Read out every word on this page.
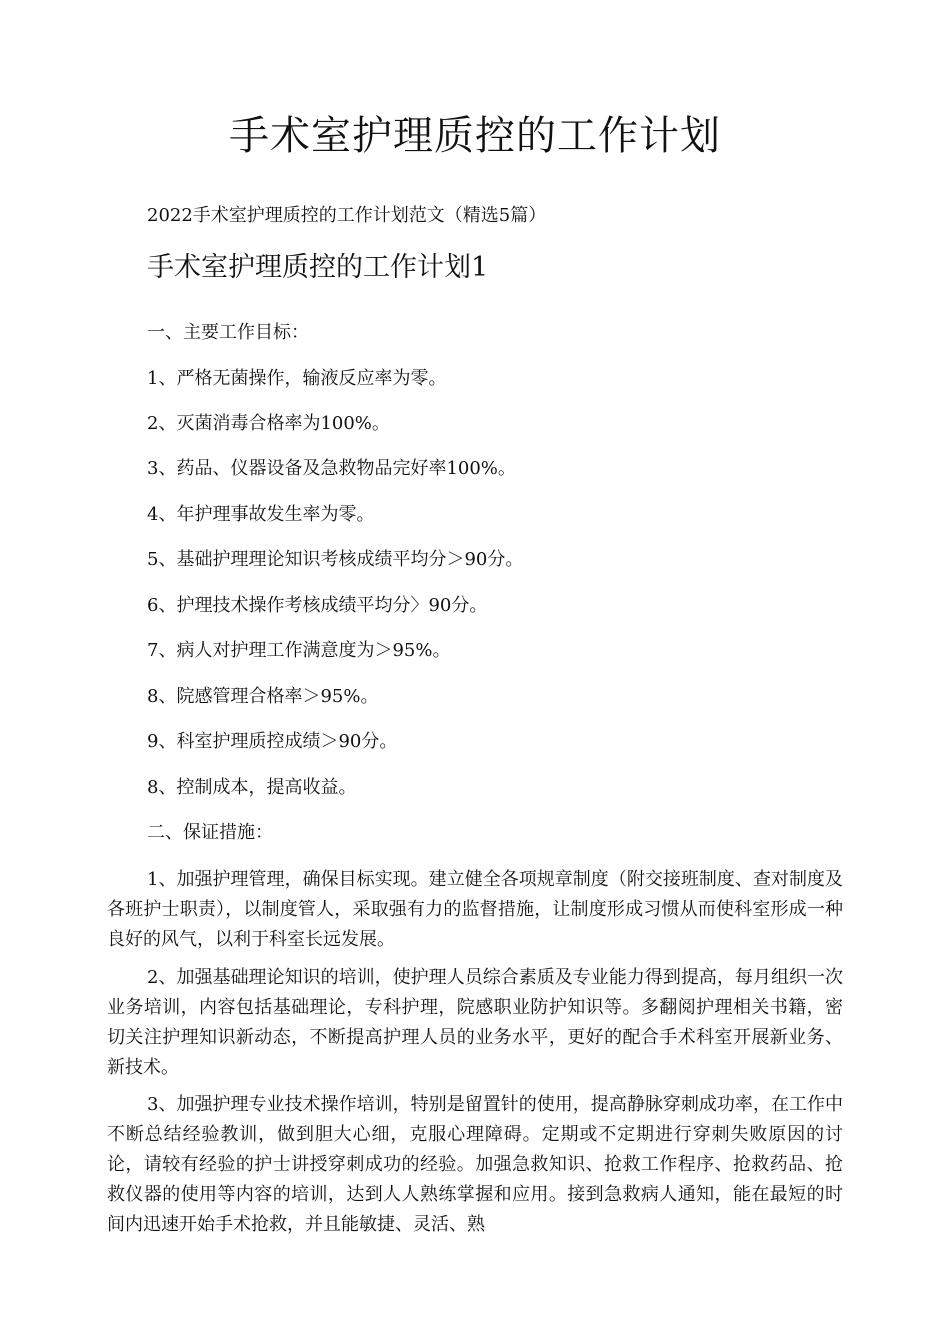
手术室护理质控的工作计划

2022手术室护理质控的工作计划范文（精选5篇）

手术室护理质控的工作计划1

一、主要工作目标：

1、严格无菌操作，输液反应率为零。

2、灭菌消毒合格率为100%。

3、药品、仪器设备及急救物品完好率100%。

4、年护理事故发生率为零。

5、基础护理理论知识考核成绩平均分＞90分。

6、护理技术操作考核成绩平均分〉90分。

7、病人对护理工作满意度为＞95%。

8、院感管理合格率＞95%。

9、科室护理质控成绩＞90分。

8、控制成本，提高收益。

二、保证措施：

1、加强护理管理，确保目标实现。建立健全各项规章制度（附交接班制度、查对制度及各班护士职责），以制度管人，采取强有力的监督措施，让制度形成习惯从而使科室形成一种良好的风气，以利于科室长远发展。

2、加强基础理论知识的培训，使护理人员综合素质及专业能力得到提高，每月组织一次业务培训，内容包括基础理论，专科护理，院感职业防护知识等。多翻阅护理相关书籍，密切关注护理知识新动态，不断提高护理人员的业务水平，更好的配合手术科室开展新业务、新技术。

3、加强护理专业技术操作培训，特别是留置针的使用，提高静脉穿刺成功率，在工作中不断总结经验教训，做到胆大心细，克服心理障碍。定期或不定期进行穿刺失败原因的讨论，请较有经验的护士讲授穿刺成功的经验。加强急救知识、抢救工作程序、抢救药品、抢救仪器的使用等内容的培训，达到人人熟练掌握和应用。接到急救病人通知，能在最短的时间内迅速开始手术抢救，并且能敏捷、灵活、熟
